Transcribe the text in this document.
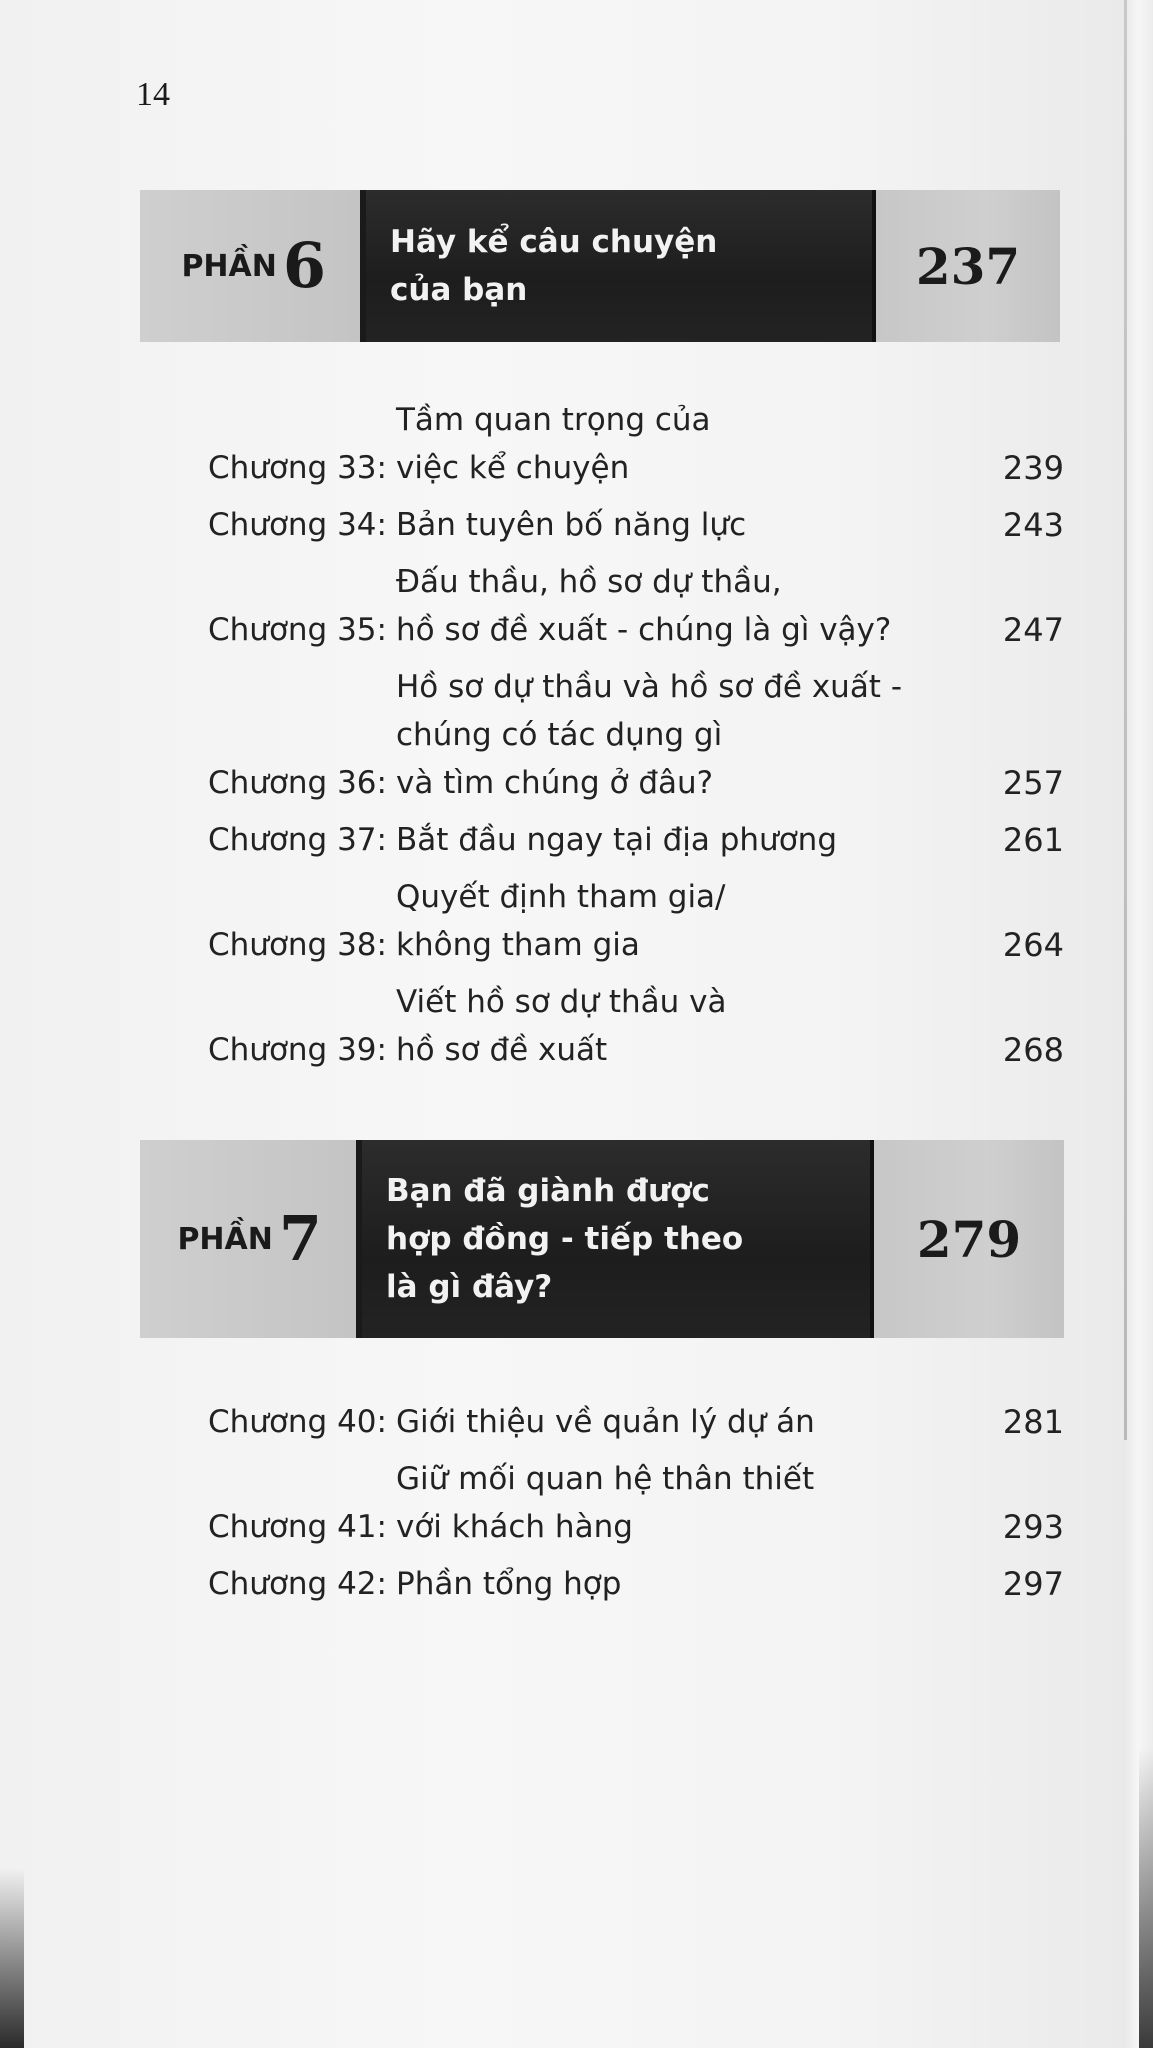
14
PHẦN 6 Hãy kể câu chuyện
của bạn	237
Chương 33:
Tầm quan trọng của
việc kể chuyện	239
Chương 34: Bản tuyên bố năng lực	243
Chương 35:
Đấu thầu, hồ sơ dự thầu,
hồ sơ đề xuất - chúng là gì vậy?	247
Chương 36:
Hồ sơ dự thầu và hồ sơ đề xuất -
chúng có tác dụng gì
và tìm chúng ở đâu?	257
Chương 37: Bắt đầu ngay tại địa phương	261
Chương 38:
Quyết định tham gia/
không tham gia	264
Chương 39:
Viết hồ sơ dự thầu và
hồ sơ đề xuất	268
PHẦN 7
Bạn đã giành được
hợp đồng - tiếp theo
là gì đây?
279
Chương 40: Giới thiệu về quản lý dự án	281
Chương 41:
Giữ mối quan hệ thân thiết
với khách hàng	293
Chương 42: Phần tổng hợp	297
